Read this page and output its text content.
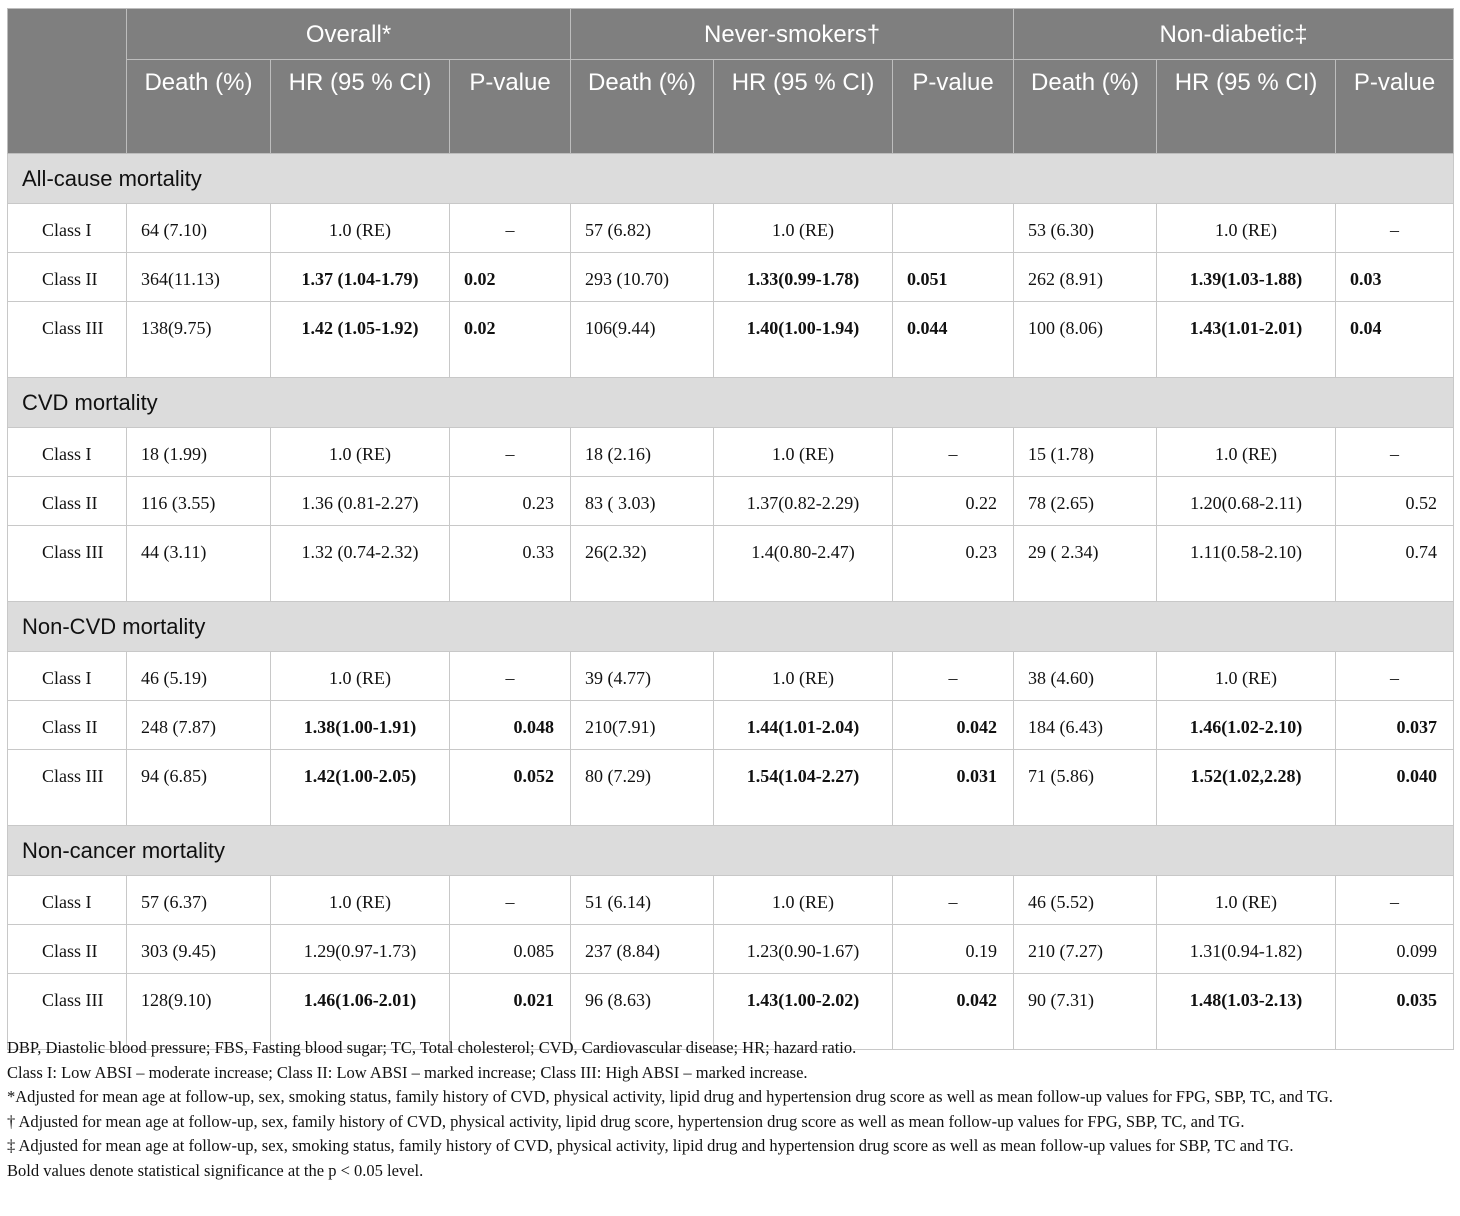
	Overall*			Never-smokers†			Non-diabetic‡		
	Death (%)	HR (95 % CI)	P-value	Death (%)	HR (95 % CI)	P-value	Death (%)	HR (95 % CI)	P-value
All-cause mortality									
Class I	64 (7.10)	1.0 (RE)	–	57 (6.82)	1.0 (RE)		53 (6.30)	1.0 (RE)	–
Class II	364(11.13)	1.37 (1.04-1.79)	0.02	293 (10.70)	1.33(0.99-1.78)	0.051	262 (8.91)	1.39(1.03-1.88)	0.03
Class III	138(9.75)	1.42 (1.05-1.92)	0.02	106(9.44)	1.40(1.00-1.94)	0.044	100 (8.06)	1.43(1.01-2.01)	0.04
CVD mortality									
Class I	18 (1.99)	1.0 (RE)	–	18 (2.16)	1.0 (RE)	–	15 (1.78)	1.0 (RE)	–
Class II	116 (3.55)	1.36 (0.81-2.27)	0.23	83 ( 3.03)	1.37(0.82-2.29)	0.22	78 (2.65)	1.20(0.68-2.11)	0.52
Class III	44 (3.11)	1.32 (0.74-2.32)	0.33	26(2.32)	1.4(0.80-2.47)	0.23	29 ( 2.34)	1.11(0.58-2.10)	0.74
Non-CVD mortality									
Class I	46 (5.19)	1.0 (RE)	–	39 (4.77)	1.0 (RE)	–	38 (4.60)	1.0 (RE)	–
Class II	248 (7.87)	1.38(1.00-1.91)	0.048	210(7.91)	1.44(1.01-2.04)	0.042	184 (6.43)	1.46(1.02-2.10)	0.037
Class III	94 (6.85)	1.42(1.00-2.05)	0.052	80 (7.29)	1.54(1.04-2.27)	0.031	71 (5.86)	1.52(1.02,2.28)	0.040
Non-cancer mortality									
Class I	57 (6.37)	1.0 (RE)	–	51 (6.14)	1.0 (RE)	–	46 (5.52)	1.0 (RE)	–
Class II	303 (9.45)	1.29(0.97-1.73)	0.085	237 (8.84)	1.23(0.90-1.67)	0.19	210 (7.27)	1.31(0.94-1.82)	0.099
Class III	128(9.10)	1.46(1.06-2.01)	0.021	96 (8.63)	1.43(1.00-2.02)	0.042	90 (7.31)	1.48(1.03-2.13)	0.035

DBP, Diastolic blood pressure; FBS, Fasting blood sugar; TC, Total cholesterol; CVD, Cardiovascular disease; HR; hazard ratio.

Class I: Low ABSI – moderate increase; Class II: Low ABSI – marked increase; Class III: High ABSI – marked increase.

*Adjusted for mean age at follow-up, sex, smoking status, family history of CVD, physical activity, lipid drug and hypertension drug score as well as mean follow-up values for FPG, SBP, TC, and TG.

† Adjusted for mean age at follow-up, sex, family history of CVD, physical activity, lipid drug score, hypertension drug score as well as mean follow-up values for FPG, SBP, TC, and TG.

‡ Adjusted for mean age at follow-up, sex, smoking status, family history of CVD, physical activity, lipid drug and hypertension drug score as well as mean follow-up values for SBP, TC and TG.

Bold values denote statistical significance at the p < 0.05 level.
